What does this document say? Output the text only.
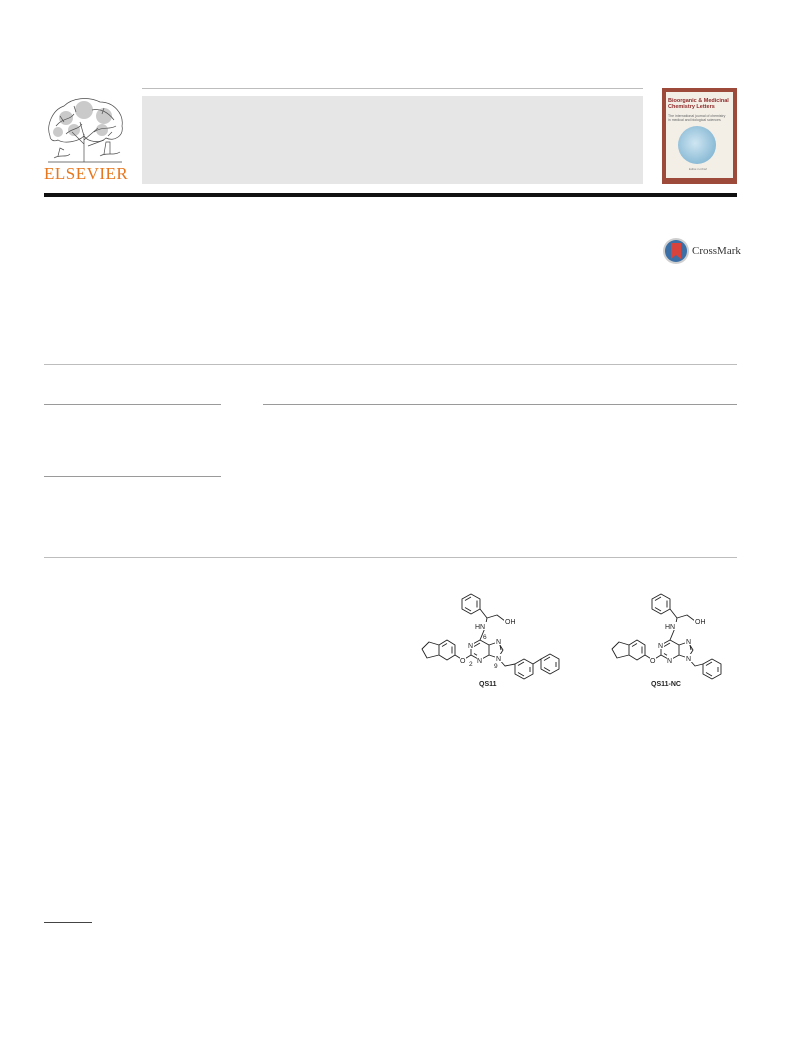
ELSEVIER
Bioorganic & Medicinal Chemistry Letters
The international journal of chemistry in medical and biological sciences
Editor-in-Chief
CrossMark
HN
OH
N
N
N
N
O
6
2	9
QS11
HN
OH
N
N
N
N
O
QS11-NC
